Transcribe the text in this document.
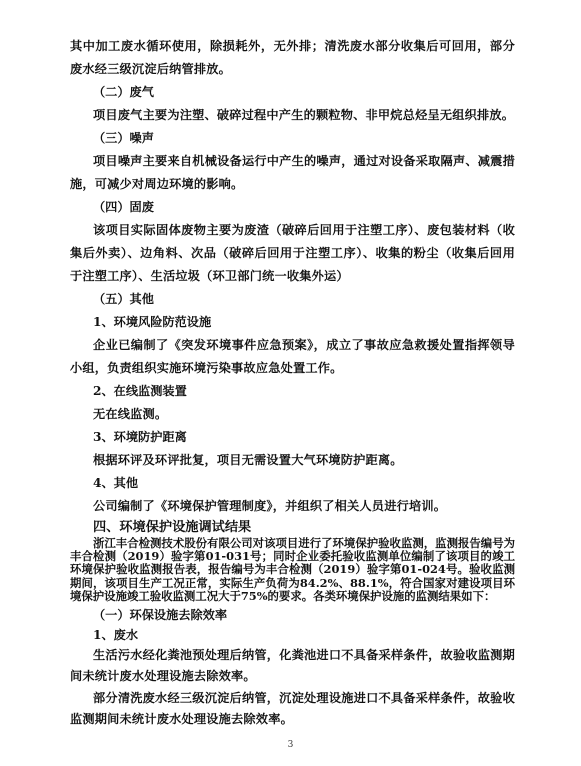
其中加工废水循环使用，除损耗外，无外排；清洗废水部分收集后可回用，部分废水经三级沉淀后纳管排放。

（二）废气

项目废气主要为注塑、破碎过程中产生的颗粒物、非甲烷总烃呈无组织排放。

（三）噪声

项目噪声主要来自机械设备运行中产生的噪声，通过对设备采取隔声、减震措施，可减少对周边环境的影响。

（四）固废

该项目实际固体废物主要为废渣（破碎后回用于注塑工序）、废包装材料（收集后外卖）、边角料、次品（破碎后回用于注塑工序）、收集的粉尘（收集后回用于注塑工序）、生活垃圾（环卫部门统一收集外运）

（五）其他

1、环境风险防范设施

企业已编制了《突发环境事件应急预案》，成立了事故应急救援处置指挥领导小组，负责组织实施环境污染事故应急处置工作。

2、在线监测装置

无在线监测。

3、环境防护距离

根据环评及环评批复，项目无需设置大气环境防护距离。

4、其他

公司编制了《环境保护管理制度》，并组织了相关人员进行培训。

四、环境保护设施调试结果

浙江丰合检测技术股份有限公司对该项目进行了环境保护验收监测，监测报告编号为丰合检测（2019）验字第01-031号；同时企业委托验收监测单位编制了该项目的竣工环境保护验收监测报告表，报告编号为丰合检测（2019）验字第01-024号。验收监测期间，该项目生产工况正常，实际生产负荷为84.2%、88.1%，符合国家对建设项目环境保护设施竣工验收监测工况大于75%的要求。各类环境保护设施的监测结果如下：

（一）环保设施去除效率

1、废水

生活污水经化粪池预处理后纳管，化粪池进口不具备采样条件，故验收监测期间未统计废水处理设施去除效率。

3

部分清洗废水经三级沉淀后纳管，沉淀处理设施进口不具备采样条件，故验收监测期间未统计废水处理设施去除效率。
